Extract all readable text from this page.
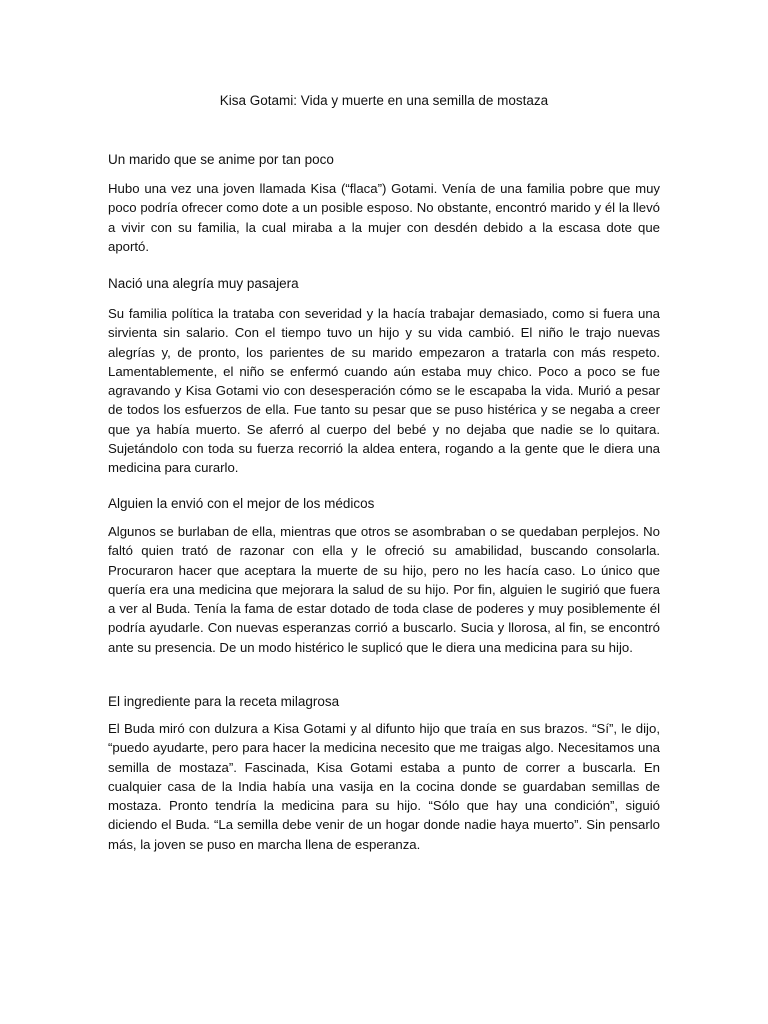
Kisa Gotami: Vida y muerte en una semilla de mostaza
Un marido que se anime por tan poco

Hubo una vez una joven llamada Kisa (“flaca”) Gotami. Venía de una familia pobre que muy poco podría ofrecer como dote a un posible esposo. No obstante, encontró marido y él la llevó a vivir con su familia, la cual miraba a la mujer con desdén debido a la escasa dote que aportó.

Nació una alegría muy pasajera

Su familia política la trataba con severidad y la hacía trabajar demasiado, como si fuera una sirvienta sin salario. Con el tiempo tuvo un hijo y su vida cambió. El niño le trajo nuevas alegrías y, de pronto, los parientes de su marido empezaron a tratarla con más respeto. Lamentablemente, el niño se enfermó cuando aún estaba muy chico. Poco a poco se fue agravando y Kisa Gotami vio con desesperación cómo se le escapaba la vida. Murió a pesar de todos los esfuerzos de ella. Fue tanto su pesar que se puso histérica y se negaba a creer que ya había muerto. Se aferró al cuerpo del bebé y no dejaba que nadie se lo quitara. Sujetándolo con toda su fuerza recorrió la aldea entera, rogando a la gente que le diera una medicina para curarlo.

Alguien la envió con el mejor de los médicos

Algunos se burlaban de ella, mientras que otros se asombraban o se quedaban perplejos. No faltó quien trató de razonar con ella y le ofreció su amabilidad, buscando consolarla. Procuraron hacer que aceptara la muerte de su hijo, pero no les hacía caso. Lo único que quería era una medicina que mejorara la salud de su hijo. Por fin, alguien le sugirió que fuera a ver al Buda. Tenía la fama de estar dotado de toda clase de poderes y muy posiblemente él podría ayudarle. Con nuevas esperanzas corrió a buscarlo. Sucia y llorosa, al fin, se encontró ante su presencia. De un modo histérico le suplicó que le diera una medicina para su hijo.

El ingrediente para la receta milagrosa

El Buda miró con dulzura a Kisa Gotami y al difunto hijo que traía en sus brazos. “Sí”, le dijo, “puedo ayudarte, pero para hacer la medicina necesito que me traigas algo. Necesitamos una semilla de mostaza”. Fascinada, Kisa Gotami estaba a punto de correr a buscarla. En cualquier casa de la India había una vasija en la cocina donde se guardaban semillas de mostaza. Pronto tendría la medicina para su hijo. “Sólo que hay una condición”, siguió diciendo el Buda. “La semilla debe venir de un hogar donde nadie haya muerto”. Sin pensarlo más, la joven se puso en marcha llena de esperanza.
